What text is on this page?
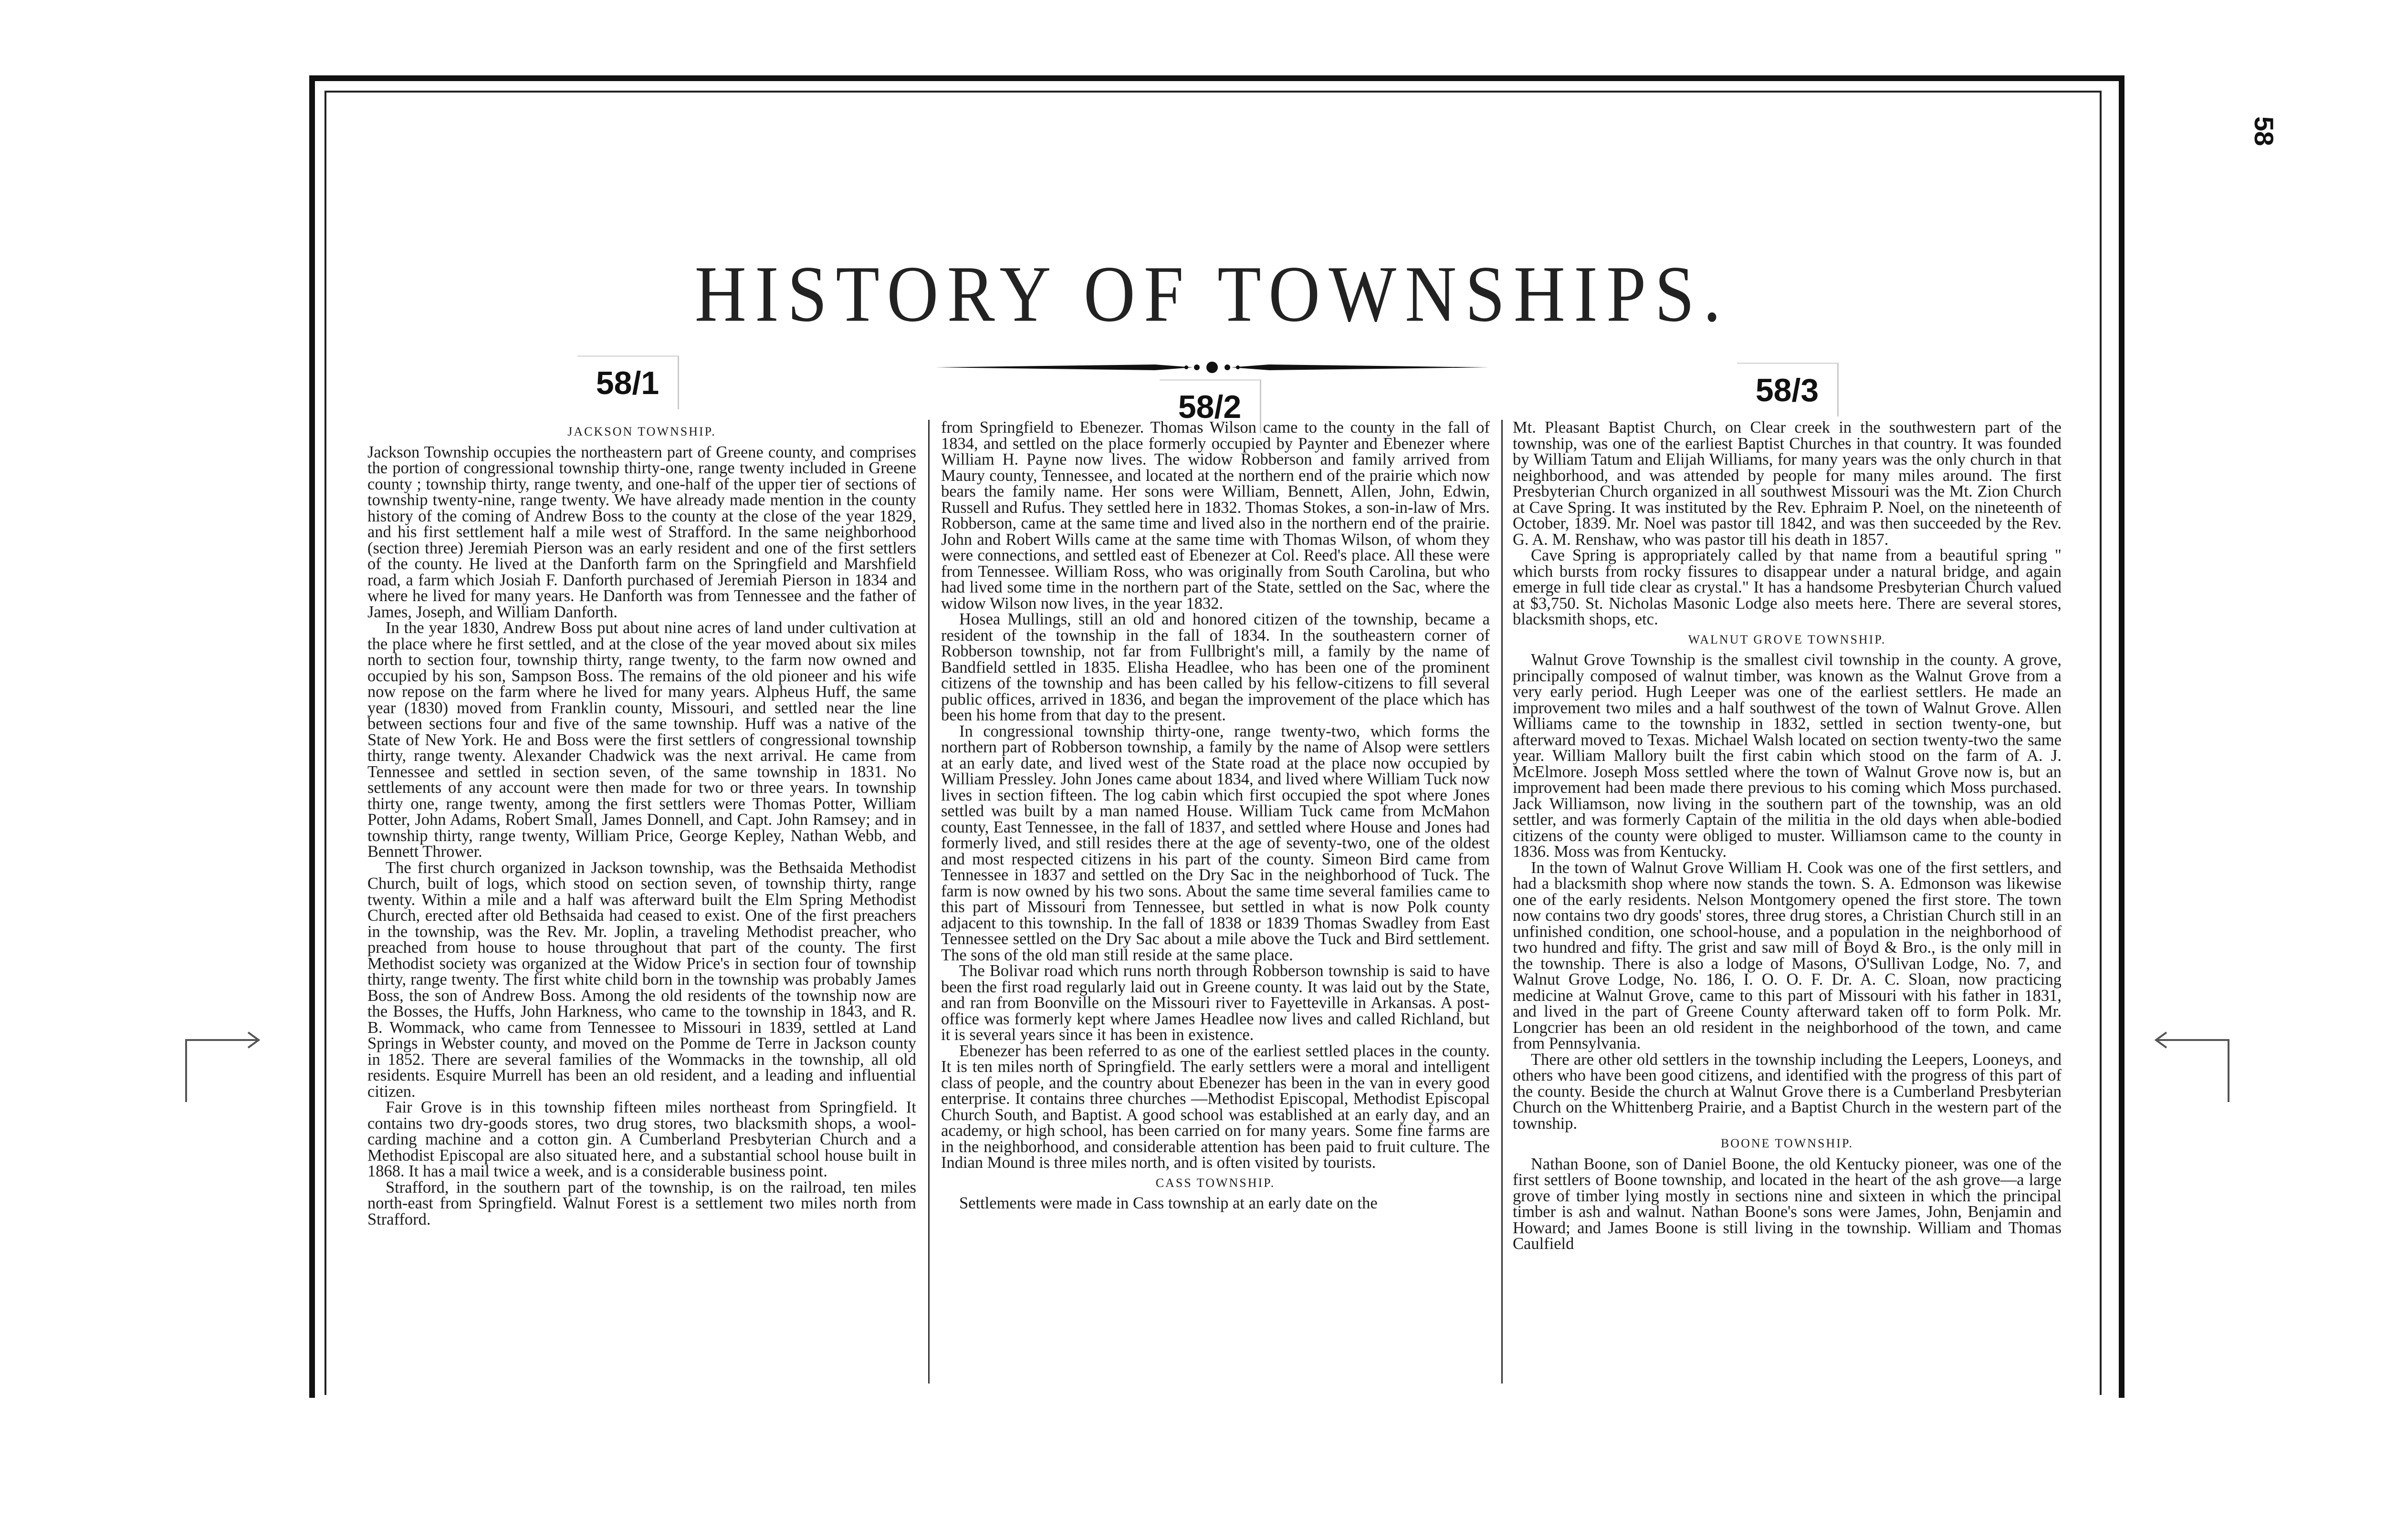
58
HISTORY OF TOWNSHIPS.
58/1
58/2	58/3
JACKSON TOWNSHIP.

Jackson Township occupies the northeastern part of Greene county, and comprises the portion of congressional township thirty-one, range twenty included in Greene county ; township thirty, range twenty, and one-half of the upper tier of sections of township twenty-nine, range twenty. We have already made mention in the county history of the coming of Andrew Boss to the county at the close of the year 1829, and his first settlement half a mile west of Strafford. In the same neighborhood (section three) Jeremiah Pierson was an early resident and one of the first settlers of the county. He lived at the Danforth farm on the Springfield and Marshfield road, a farm which Josiah F. Danforth purchased of Jeremiah Pierson in 1834 and where he lived for many years. He Danforth was from Tennessee and the father of James, Joseph, and William Danforth.

In the year 1830, Andrew Boss put about nine acres of land under cultivation at the place where he first settled, and at the close of the year moved about six miles north to section four, township thirty, range twenty, to the farm now owned and occupied by his son, Sampson Boss. The remains of the old pioneer and his wife now repose on the farm where he lived for many years. Alpheus Huff, the same year (1830) moved from Franklin county, Missouri, and settled near the line between sections four and five of the same township. Huff was a native of the State of New York. He and Boss were the first settlers of congressional township thirty, range twenty. Alexander Chadwick was the next arrival. He came from Tennessee and settled in section seven, of the same township in 1831. No settlements of any account were then made for two or three years. In township thirty one, range twenty, among the first settlers were Thomas Potter, William Potter, John Adams, Robert Small, James Donnell, and Capt. John Ramsey; and in township thirty, range twenty, William Price, George Kepley, Nathan Webb, and Bennett Thrower.

The first church organized in Jackson township, was the Bethsaida Methodist Church, built of logs, which stood on section seven, of township thirty, range twenty. Within a mile and a half was afterward built the Elm Spring Methodist Church, erected after old Bethsaida had ceased to exist. One of the first preachers in the township, was the Rev. Mr. Joplin, a traveling Methodist preacher, who preached from house to house throughout that part of the county. The first Methodist society was organized at the Widow Price's in section four of township thirty, range twenty. The first white child born in the township was probably James Boss, the son of Andrew Boss. Among the old residents of the township now are the Bosses, the Huffs, John Harkness, who came to the township in 1843, and R. B. Wommack, who came from Tennessee to Missouri in 1839, settled at Land Springs in Webster county, and moved on the Pomme de Terre in Jackson county in 1852. There are several families of the Wommacks in the township, all old residents. Esquire Murrell has been an old resident, and a leading and influential citizen.

Fair Grove is in this township fifteen miles northeast from Springfield. It contains two dry-goods stores, two drug stores, two blacksmith shops, a wool-carding machine and a cotton gin. A Cumberland Presbyterian Church and a Methodist Episcopal are also situated here, and a substantial school house built in 1868. It has a mail twice a week, and is a considerable business point.

Strafford, in the southern part of the township, is on the railroad, ten miles north-east from Springfield. Walnut Forest is a settlement two miles north from Strafford.

from Springfield to Ebenezer. Thomas Wilson came to the county in the fall of 1834, and settled on the place formerly occupied by Paynter and Ebenezer where William H. Payne now lives. The widow Robberson and family arrived from Maury county, Tennessee, and located at the northern end of the prairie which now bears the family name. Her sons were William, Bennett, Allen, John, Edwin, Russell and Rufus. They settled here in 1832. Thomas Stokes, a son-in-law of Mrs. Robberson, came at the same time and lived also in the northern end of the prairie. John and Robert Wills came at the same time with Thomas Wilson, of whom they were connections, and settled east of Ebenezer at Col. Reed's place. All these were from Tennessee. William Ross, who was originally from South Carolina, but who had lived some time in the northern part of the State, settled on the Sac, where the widow Wilson now lives, in the year 1832.

Hosea Mullings, still an old and honored citizen of the township, became a resident of the township in the fall of 1834. In the southeastern corner of Robberson township, not far from Fullbright's mill, a family by the name of Bandfield settled in 1835. Elisha Headlee, who has been one of the prominent citizens of the township and has been called by his fellow-citizens to fill several public offices, arrived in 1836, and began the improvement of the place which has been his home from that day to the present.

In congressional township thirty-one, range twenty-two, which forms the northern part of Robberson township, a family by the name of Alsop were settlers at an early date, and lived west of the State road at the place now occupied by William Pressley. John Jones came about 1834, and lived where William Tuck now lives in section fifteen. The log cabin which first occupied the spot where Jones settled was built by a man named House. William Tuck came from McMahon county, East Tennessee, in the fall of 1837, and settled where House and Jones had formerly lived, and still resides there at the age of seventy-two, one of the oldest and most respected citizens in his part of the county. Simeon Bird came from Tennessee in 1837 and settled on the Dry Sac in the neighborhood of Tuck. The farm is now owned by his two sons. About the same time several families came to this part of Missouri from Tennessee, but settled in what is now Polk county adjacent to this township. In the fall of 1838 or 1839 Thomas Swadley from East Tennessee settled on the Dry Sac about a mile above the Tuck and Bird settlement. The sons of the old man still reside at the same place.

The Bolivar road which runs north through Robberson township is said to have been the first road regularly laid out in Greene county. It was laid out by the State, and ran from Boonville on the Missouri river to Fayetteville in Arkansas. A post-office was formerly kept where James Headlee now lives and called Richland, but it is several years since it has been in existence.

Ebenezer has been referred to as one of the earliest settled places in the county. It is ten miles north of Springfield. The early settlers were a moral and intelligent class of people, and the country about Ebenezer has been in the van in every good enterprise. It contains three churches —Methodist Episcopal, Methodist Episcopal Church South, and Baptist. A good school was established at an early day, and an academy, or high school, has been carried on for many years. Some fine farms are in the neighborhood, and considerable attention has been paid to fruit culture. The Indian Mound is three miles north, and is often visited by tourists.

CASS TOWNSHIP.

Settlements were made in Cass township at an early date on the

Mt. Pleasant Baptist Church, on Clear creek in the southwestern part of the township, was one of the earliest Baptist Churches in that country. It was founded by William Tatum and Elijah Williams, for many years was the only church in that neighborhood, and was attended by people for many miles around. The first Presbyterian Church organized in all southwest Missouri was the Mt. Zion Church at Cave Spring. It was instituted by the Rev. Ephraim P. Noel, on the nineteenth of October, 1839. Mr. Noel was pastor till 1842, and was then succeeded by the Rev. G. A. M. Renshaw, who was pastor till his death in 1857.

Cave Spring is appropriately called by that name from a beautiful spring " which bursts from rocky fissures to disappear under a natural bridge, and again emerge in full tide clear as crystal." It has a handsome Presbyterian Church valued at $3,750. St. Nicholas Masonic Lodge also meets here. There are several stores, blacksmith shops, etc.

WALNUT GROVE TOWNSHIP.

Walnut Grove Township is the smallest civil township in the county. A grove, principally composed of walnut timber, was known as the Walnut Grove from a very early period. Hugh Leeper was one of the earliest settlers. He made an improvement two miles and a half southwest of the town of Walnut Grove. Allen Williams came to the township in 1832, settled in section twenty-one, but afterward moved to Texas. Michael Walsh located on section twenty-two the same year. William Mallory built the first cabin which stood on the farm of A. J. McElmore. Joseph Moss settled where the town of Walnut Grove now is, but an improvement had been made there previous to his coming which Moss purchased. Jack Williamson, now living in the southern part of the township, was an old settler, and was formerly Captain of the militia in the old days when able-bodied citizens of the county were obliged to muster. Williamson came to the county in 1836. Moss was from Kentucky.

In the town of Walnut Grove William H. Cook was one of the first settlers, and had a blacksmith shop where now stands the town. S. A. Edmonson was likewise one of the early residents. Nelson Montgomery opened the first store. The town now contains two dry goods' stores, three drug stores, a Christian Church still in an unfinished condition, one school-house, and a population in the neighborhood of two hundred and fifty. The grist and saw mill of Boyd & Bro., is the only mill in the township. There is also a lodge of Masons, O'Sullivan Lodge, No. 7, and Walnut Grove Lodge, No. 186, I. O. O. F. Dr. A. C. Sloan, now practicing medicine at Walnut Grove, came to this part of Missouri with his father in 1831, and lived in the part of Greene County afterward taken off to form Polk. Mr. Longcrier has been an old resident in the neighborhood of the town, and came from Pennsylvania.

There are other old settlers in the township including the Leepers, Looneys, and others who have been good citizens, and identified with the progress of this part of the county. Beside the church at Walnut Grove there is a Cumberland Presbyterian Church on the Whittenberg Prairie, and a Baptist Church in the western part of the township.

BOONE TOWNSHIP.

Nathan Boone, son of Daniel Boone, the old Kentucky pioneer, was one of the first settlers of Boone township, and located in the heart of the ash grove—a large grove of timber lying mostly in sections nine and sixteen in which the principal timber is ash and walnut. Nathan Boone's sons were James, John, Benjamin and Howard; and James Boone is still living in the township. William and Thomas Caulfield
